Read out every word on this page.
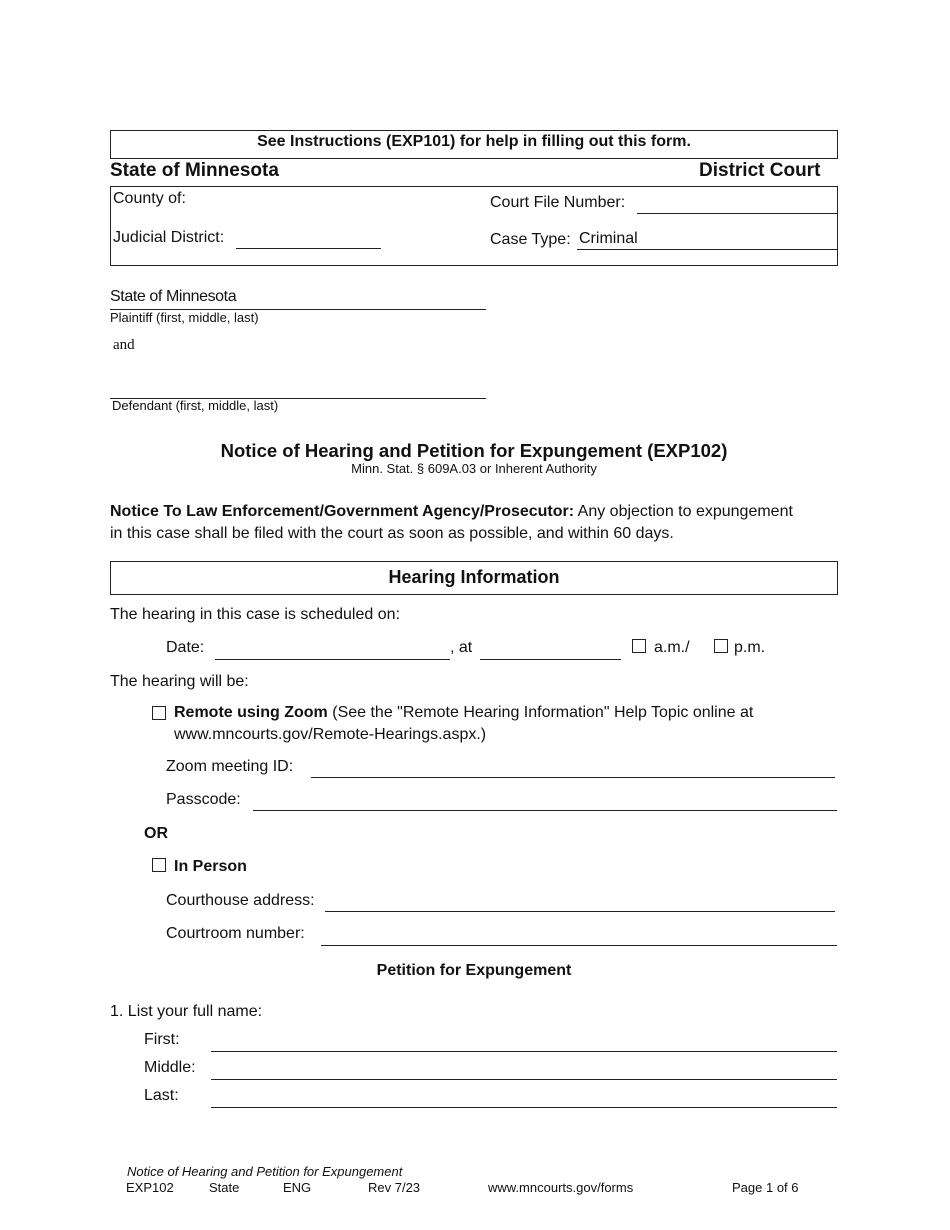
See Instructions (EXP101) for help in filling out this form.
State of Minnesota	District Court
County of:
Judicial District:
Court File Number:
Case Type: Criminal
State of Minnesota
Plaintiff (first, middle, last)
and
Defendant (first, middle, last)
Notice of Hearing and Petition for Expungement (EXP102)
Minn. Stat. § 609A.03 or Inherent Authority
Notice To Law Enforcement/Government Agency/Prosecutor: Any objection to expungement
in this case shall be filed with the court as soon as possible, and within 60 days.
Hearing Information
The hearing in this case is scheduled on:
Date:	, at	a.m./	p.m.
The hearing will be:
Remote using Zoom (See the "Remote Hearing Information" Help Topic online at
www.mncourts.gov/Remote-Hearings.aspx.)
Zoom meeting ID:
Passcode:
OR
In Person
Courthouse address:
Courtroom number:
Petition for Expungement
1. List your full name:
First:
Middle:
Last:
Notice of Hearing and Petition for Expungement
EXP102	State	ENG	Rev 7/23	www.mncourts.gov/forms	Page 1 of 6
